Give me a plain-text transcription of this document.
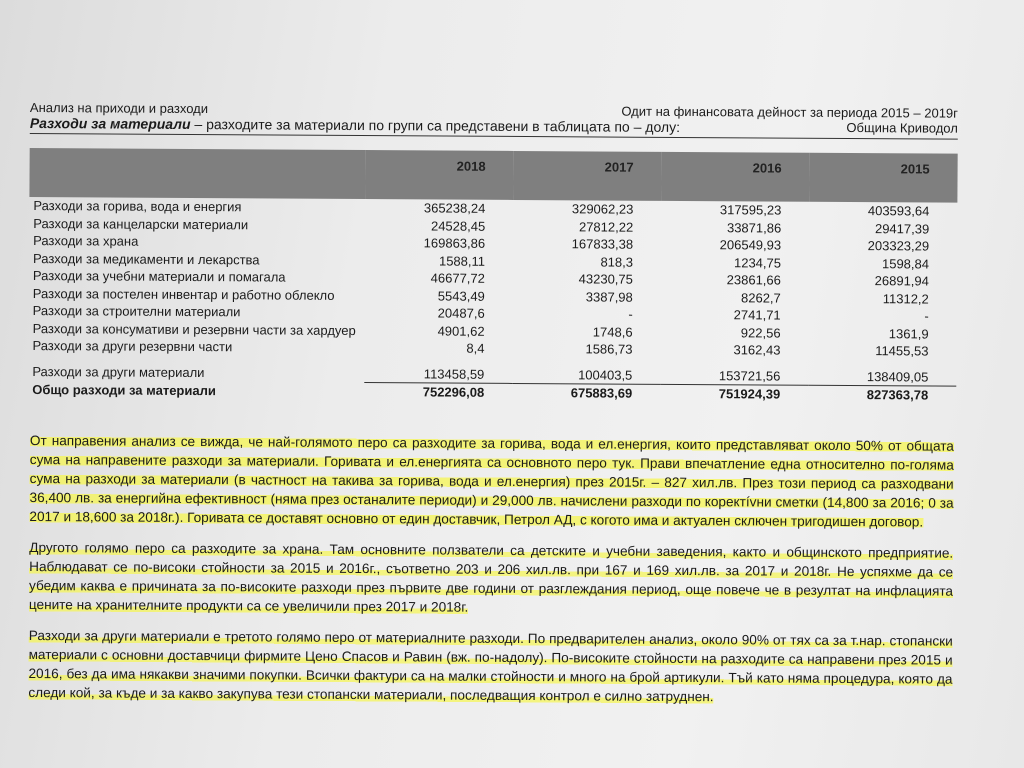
Анализ на приходи и разходи	Одит на финансовата дейност за периода 2015 – 2019г
Разходи за материали – разходите за материали по групи са представени в таблицата по – долу:	Община Криводол
	2018	2017	2016	2015
Разходи за горива, вода и енергия	365238,24	329062,23	317595,23	403593,64
Разходи за канцеларски материали	24528,45	27812,22	33871,86	29417,39
Разходи за храна	169863,86	167833,38	206549,93	203323,29
Разходи за медикаменти и лекарства	1588,11	818,3	1234,75	1598,84
Разходи за учебни материали и помагала	46677,72	43230,75	23861,66	26891,94
Разходи за постелен инвентар и работно облекло	5543,49	3387,98	8262,7	11312,2
Разходи за строителни материали	20487,6	-	2741,71	-
Разходи за консумативи и резервни части за хардуер	4901,62	1748,6	922,56	1361,9
Разходи за други резервни части	8,4	1586,73	3162,43	11455,53
Разходи за други материали	113458,59	100403,5	153721,56	138409,05
Общо разходи за материали	752296,08	675883,69	751924,39	827363,78

От направения анализ се вижда, че най-голямото перо са разходите за горива, вода и ел.енергия, които представляват около 50% от общата сума на направените разходи за материали. Горивата и ел.енергията са основното перо тук. Прави впечатление една относително по-голяма сума на разходи за материали (в частност на такива за горива, вода и ел.енергия) през 2015г. – 827 хил.лв. През този период са разходвани 36,400 лв. за енергийна ефективност (няма през останалите периоди) и 29,000 лв. начислени разходи по коректívни сметки (14,800 за 2016; 0 за 2017 и 18,600 за 2018г.). Горивата се доставят основно от един доставчик, Петрол АД, с когото има и актуален сключен тригодишен договор.

Другото голямо перо са разходите за храна. Там основните ползватели са детските и учебни заведения, както и общинското предприятие. Наблюдават се по-високи стойности за 2015 и 2016г., съответно 203 и 206 хил.лв. при 167 и 169 хил.лв. за 2017 и 2018г. Не успяхме да се убедим каква е причината за по-високите разходи през първите две години от разглеждания период, още повече че в резултат на инфлацията цените на хранителните продукти са се увеличили през 2017 и 2018г.

Разходи за други материали е третото голямо перо от материалните разходи. По предварителен анализ, около 90% от тях са за т.нар. стопански материали с основни доставчици фирмите Цено Спасов и Равин (вж. по-надолу). По-високите стойности на разходите са направени през 2015 и 2016, без да има някакви значими покупки. Всички фактури са на малки стойности и много на брой артикули. Тъй като няма процедура, която да следи кой, за къде и за какво закупува тези стопански материали, последващия контрол е силно затруднен.
